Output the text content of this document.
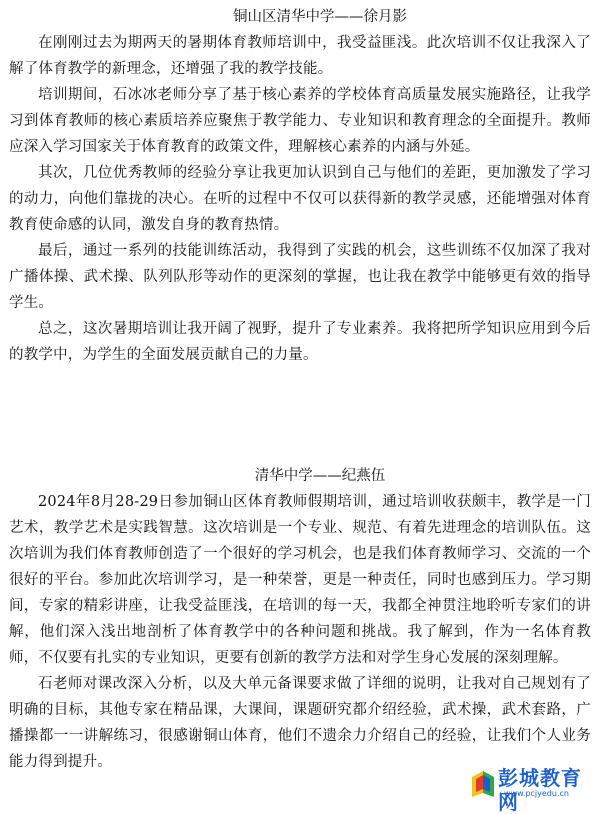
铜山区清华中学——徐月影

在刚刚过去为期两天的暑期体育教师培训中，我受益匪浅。此次培训不仅让我深入了解了体育教学的新理念，还增强了我的教学技能。

培训期间，石冰冰老师分享了基于核心素养的学校体育高质量发展实施路径，让我学习到体育教师的核心素质培养应聚焦于教学能力、专业知识和教育理念的全面提升。教师应深入学习国家关于体育教育的政策文件，理解核心素养的内涵与外延。

其次，几位优秀教师的经验分享让我更加认识到自己与他们的差距，更加激发了学习的动力，向他们靠拢的决心。在听的过程中不仅可以获得新的教学灵感，还能增强对体育教育使命感的认同，激发自身的教育热情。

最后，通过一系列的技能训练活动，我得到了实践的机会，这些训练不仅加深了我对广播体操、武术操、队列队形等动作的更深刻的掌握，也让我在教学中能够更有效的指导学生。

总之，这次暑期培训让我开阔了视野，提升了专业素养。我将把所学知识应用到今后的教学中，为学生的全面发展贡献自己的力量。

清华中学——纪燕伍

2024年8月28-29日参加铜山区体育教师假期培训，通过培训收获颇丰，教学是一门艺术，教学艺术是实践智慧。这次培训是一个专业、规范、有着先进理念的培训队伍。这次培训为我们体育教师创造了一个很好的学习机会，也是我们体育教师学习、交流的一个很好的平台。参加此次培训学习，是一种荣誉，更是一种责任，同时也感到压力。学习期间，专家的精彩讲座，让我受益匪浅，在培训的每一天，我都全神贯注地聆听专家们的讲解，他们深入浅出地剖析了体育教学中的各种问题和挑战。我了解到，作为一名体育教师，不仅要有扎实的专业知识，更要有创新的教学方法和对学生身心发展的深刻理解。

石老师对课改深入分析，以及大单元备课要求做了详细的说明，让我对自己规划有了明确的目标，其他专家在精品课，大课间，课题研究都介绍经验，武术操，武术套路，广播操都一一讲解练习，很感谢铜山体育，他们不遗余力介绍自己的经验，让我们个人业务能力得到提升。

彭城教育网
www.pcjyedu.cn
